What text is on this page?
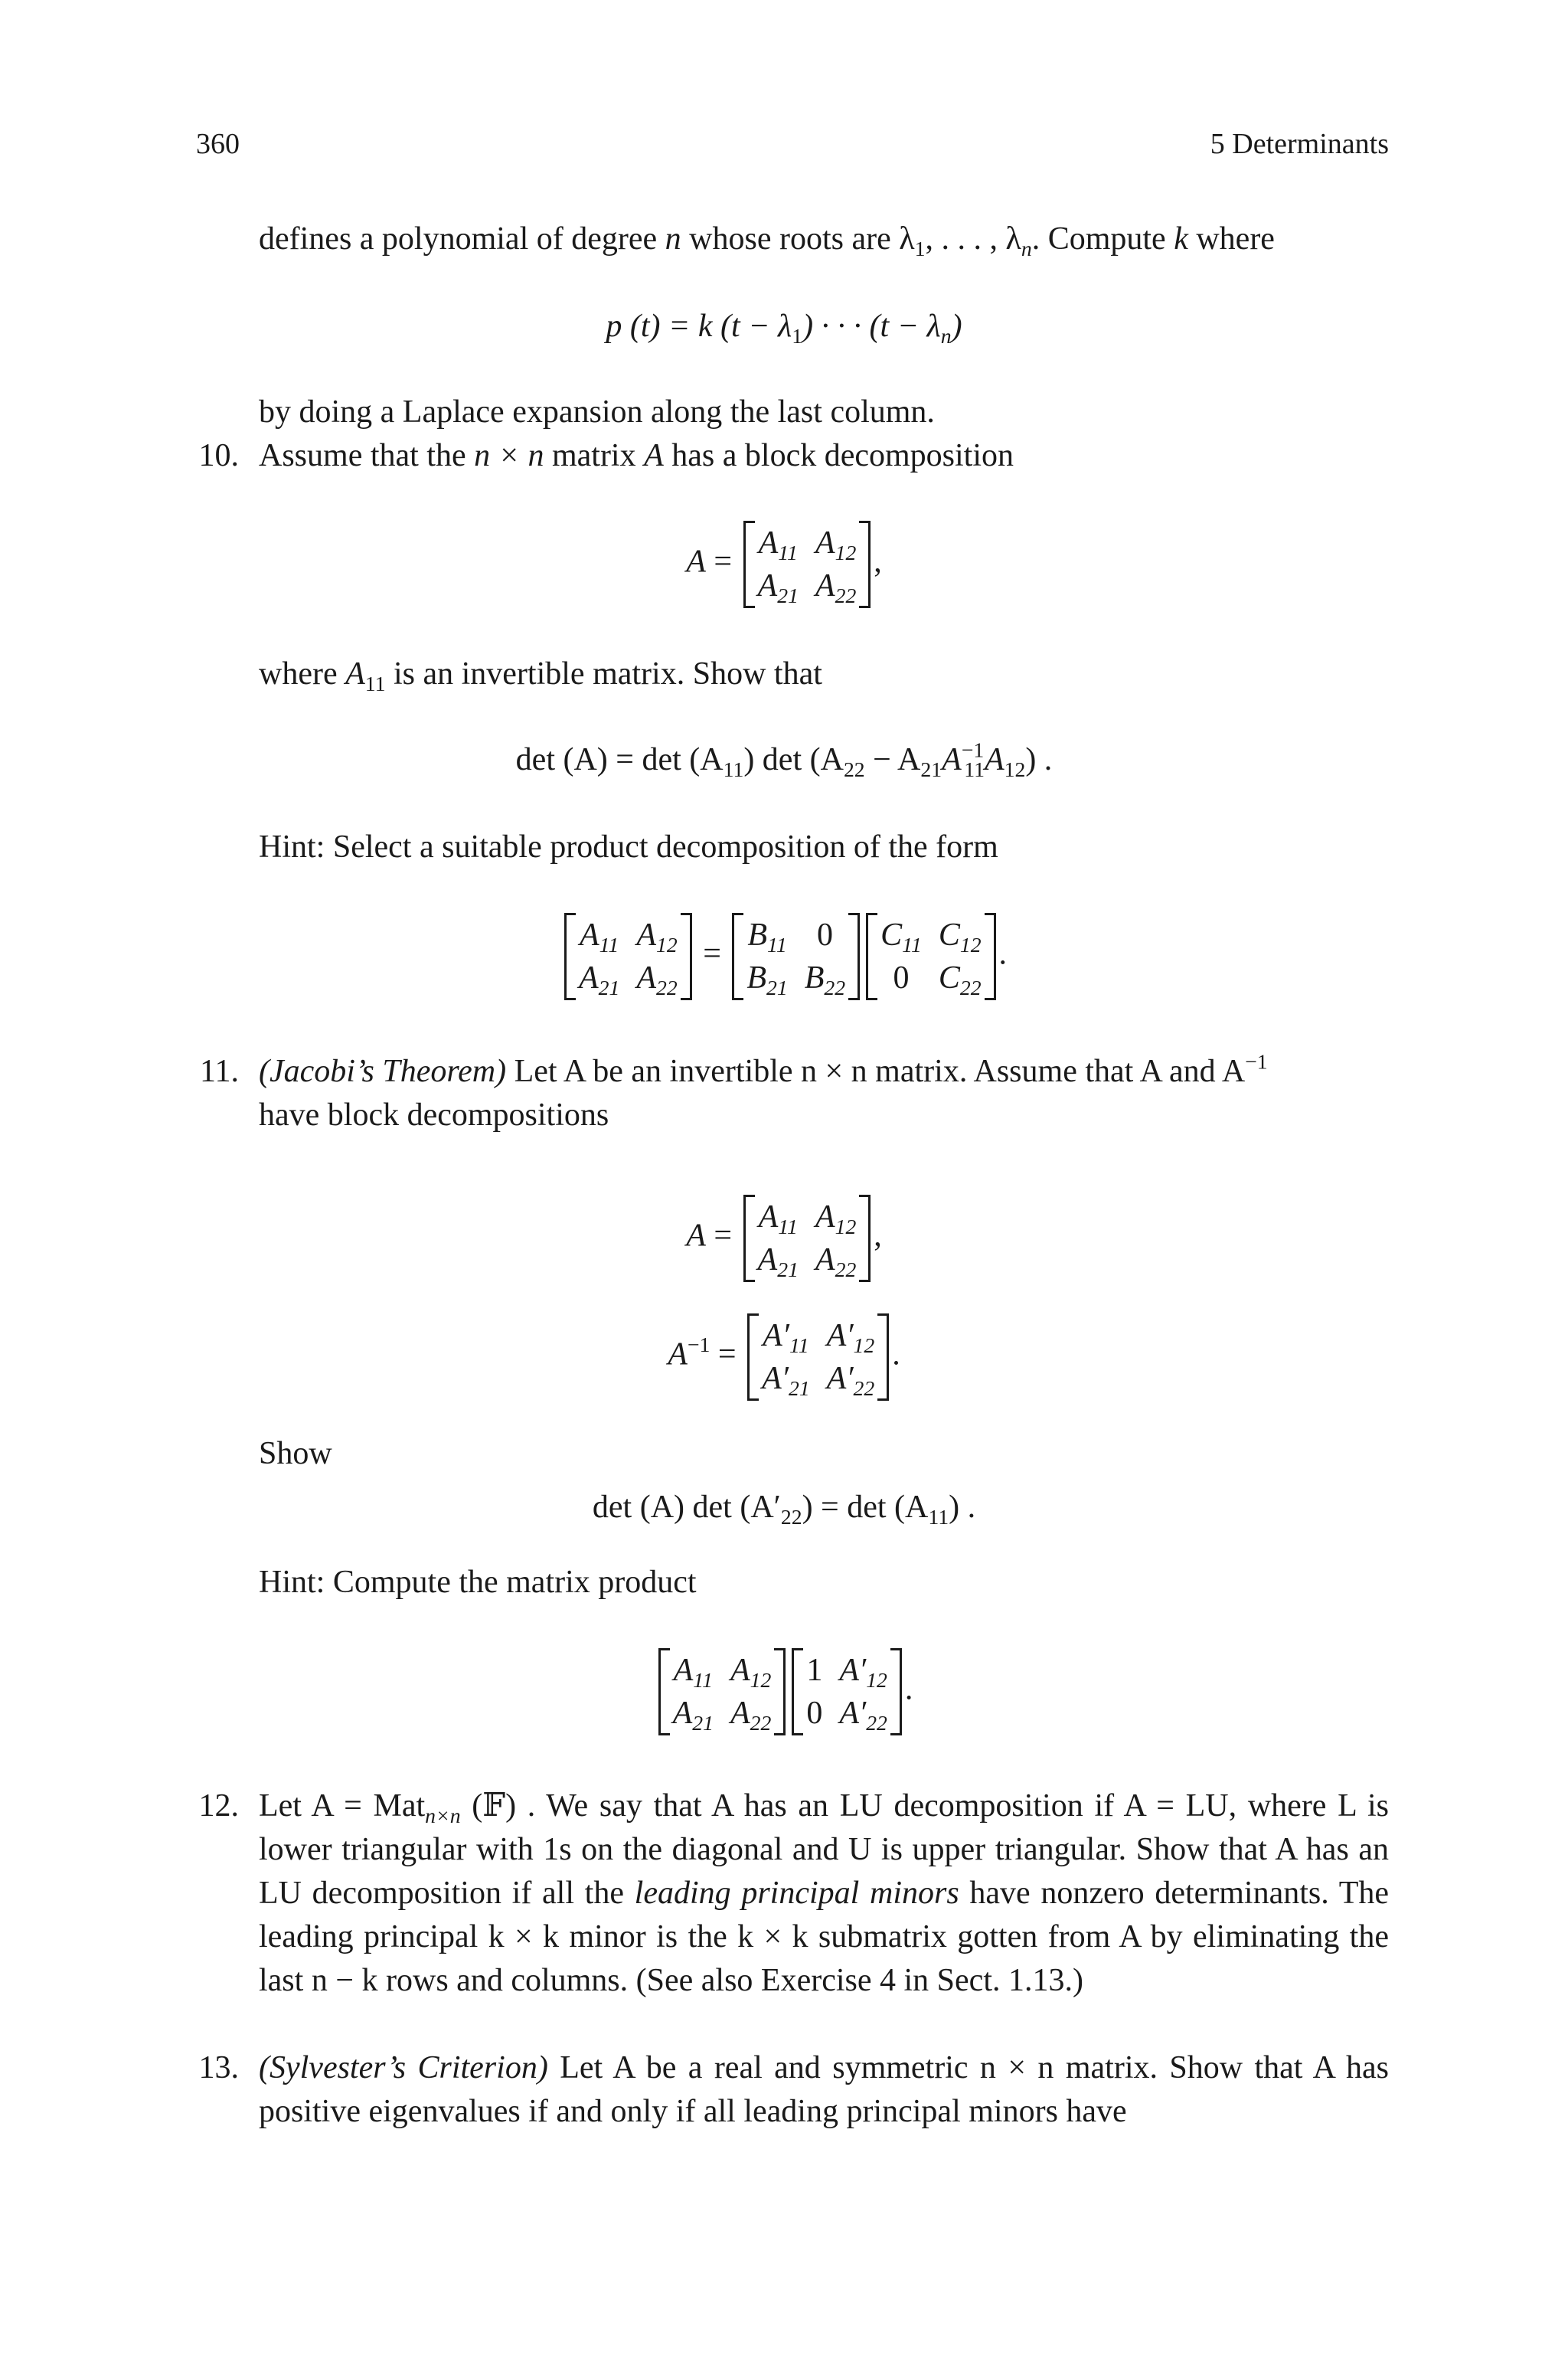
360	5 Determinants
defines a polynomial of degree n whose roots are $\lambda_1$, . . . , $\lambda_n$. Compute k where
p (t) = k $(t - \lambda_1)$ · · · $(t - \lambda_n)$
by doing a Laplace expansion along the last column.
10. Assume that the n × n matrix A has a block decomposition
A =
$A_{11}$ $A_{12}$
$A_{21}$ $A_{22}$
,
where $A_{11}$ is an invertible matrix. Show that
$\det (A) = \det (A_{11})$ $\det (A_{22} - A_{21}A^{-1}_{11}A_{12})$ .
Hint: Select a suitable product decomposition of the form
$A_{11}$ $A_{12}$
$A_{21}$ $A_{22}$
=
$B_{11}$ 0
$B_{21}$ $B_{22}$
$C_{11}$ $C_{12}$
0 $C_{22}$
.
11. (Jacobi’s Theorem) Let A be an invertible n × n matrix. Assume that A and $A^{-1}$
have block decompositions
A =
$A_{11}$ $A_{12}$
$A_{21}$ $A_{22}$
,
$A^{-1}$ =
$A'_{11}$ $A'_{12}$
$A'_{21}$ $A'_{22}$
.
Show
det (A) $\det (A'_{22}) = \det (A_{11})$ .
Hint: Compute the matrix product
$A_{11}$ $A_{12}$
$A_{21}$ $A_{22}$
1 $A'_{12}$
0 $A'_{22}$
.
12. Let A = Mat$_{n\times n}$ (𝔽) . We say that A has an LU decomposition if A = LU, where L is lower triangular with 1s on the diagonal and U is upper triangular. Show that A has an LU decomposition if all the leading principal minors have nonzero determinants. The leading principal k × k minor is the k × k submatrix gotten from A by eliminating the last n − k rows and columns. (See also Exercise 4 in Sect. 1.13.)
13. (Sylvester’s Criterion) Let A be a real and symmetric n × n matrix. Show that A has positive eigenvalues if and only if all leading principal minors have
